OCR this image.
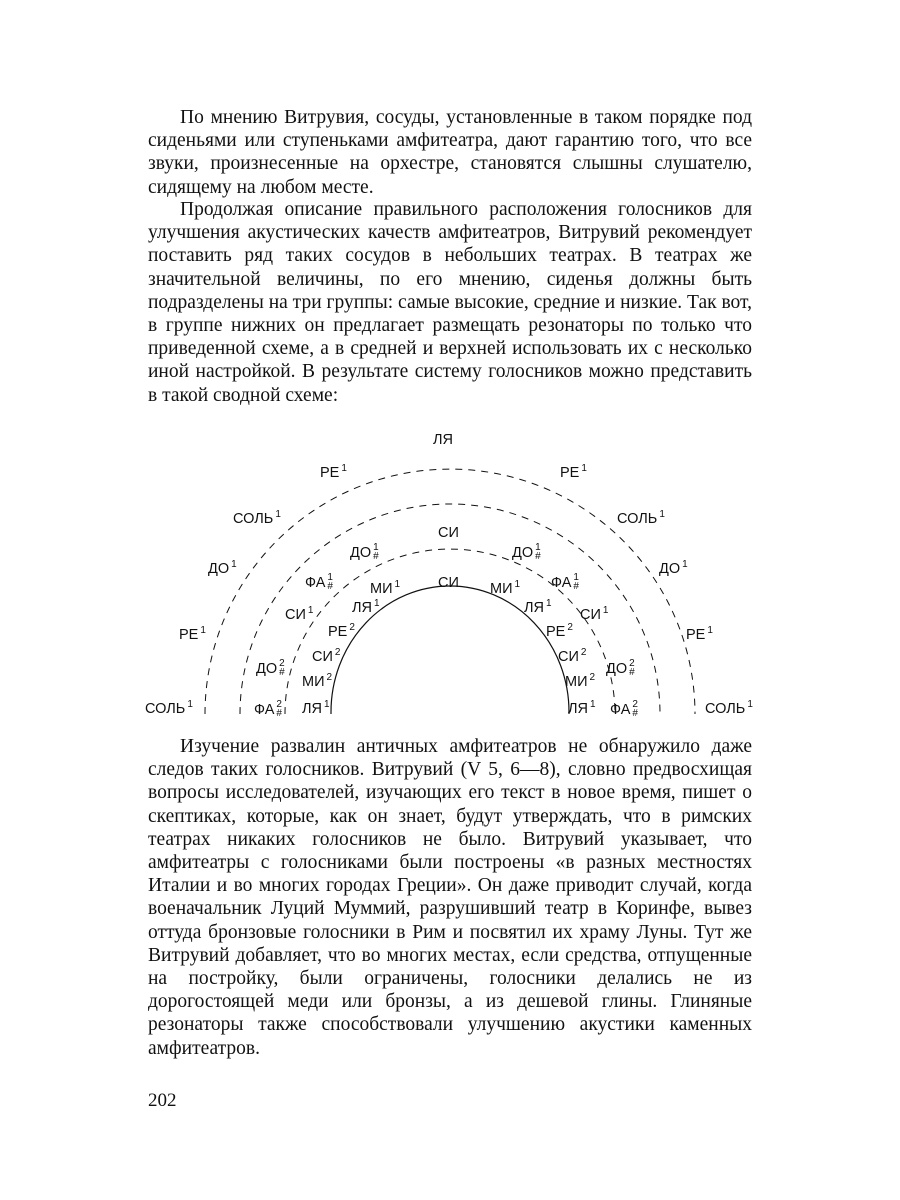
По мнению Витрувия, сосуды, установленные в таком порядке под сиденьями или ступеньками амфитеатра, дают гарантию того, что все звуки, произнесенные на орхестре, становятся слышны слушателю, сидящему на любом месте.

Продолжая описание правильного расположения голосников для улучшения акустических качеств амфитеатров, Витрувий рекомендует поставить ряд таких сосудов в небольших театрах. В театрах же значительной величины, по его мнению, сиденья должны быть подразделены на три группы: самые высокие, средние и низкие. Так вот, в группе нижних он предлагает размещать резонаторы по только что приведенной схеме, а в средней и верхней использовать их с несколько иной настройкой. В результате систему голосников можно представить в такой сводной схеме:

ЛЯ
РЕ 1	РЕ 1
СОЛЬ 1	СОЛЬ 1
ДО 1	ДО 1
РЕ 1	РЕ 1
СОЛЬ 1	СОЛЬ 1
СИ
ДО 1
#	ДО 1
#
ФА 1
#	ФА 1
#
СИ 1	СИ 1
ДО 2
#	ДО 2
#
ФА 2
#	ФА 2
#
СИ
МИ 1	МИ 1
ЛЯ 1	ЛЯ 1
РЕ 2	РЕ 2
СИ 2	СИ 2
МИ 2	МИ 2
ЛЯ 1	ЛЯ 1

Изучение развалин античных амфитеатров не обнаружило даже следов таких голосников. Витрувий (V 5, 6—8), словно предвосхищая вопросы исследователей, изучающих его текст в новое время, пишет о скептиках, которые, как он знает, будут утверждать, что в римских театрах никаких голосников не было. Витрувий указывает, что амфитеатры с голосниками были построены «в разных местностях Италии и во многих городах Греции». Он даже приводит случай, когда военачальник Луций Муммий, разрушивший театр в Коринфе, вывез оттуда бронзовые голосники в Рим и посвятил их храму Луны. Тут же Витрувий добавляет, что во многих местах, если средства, отпущенные на постройку, были ограничены, голосники делались не из дорогостоящей меди или бронзы, а из дешевой глины. Глиняные резонаторы также способствовали улучшению акустики каменных амфитеатров.

202
